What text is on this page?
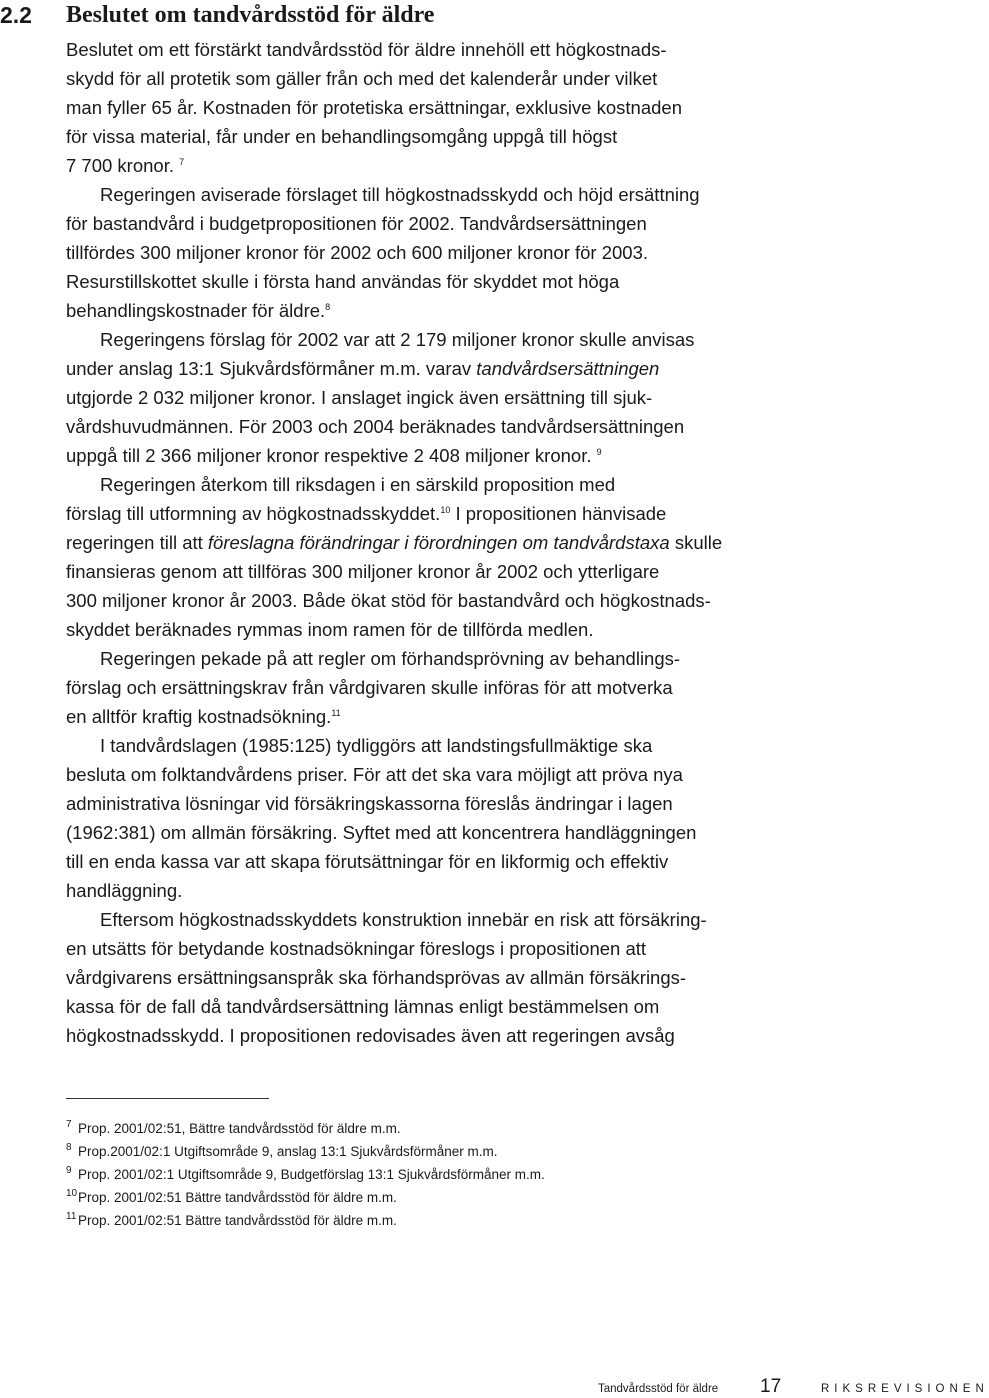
2.2 Beslutet om tandvårdsstöd för äldre
Beslutet om ett förstärkt tandvårdsstöd för äldre innehöll ett högkostnads-
skydd för all protetik som gäller från och med det kalenderår under vilket
man fyller 65 år. Kostnaden för protetiska ersättningar, exklusive kostnaden
för vissa material, får under en behandlingsomgång uppgå till högst
7 700 kronor. $^7$
Regeringen aviserade förslaget till högkostnadsskydd och höjd ersättning
för bastandvård i budgetpropositionen för 2002. Tandvårdsersättningen
tillfördes 300 miljoner kronor för 2002 och 600 miljoner kronor för 2003.
Resurstillskottet skulle i första hand användas för skyddet mot höga
behandlingskostnader för äldre.$^8$
Regeringens förslag för 2002 var att 2 179 miljoner kronor skulle anvisas
under anslag 13:1 Sjukvårdsförmåner m.m. varav tandvårdsersättningen
utgjorde 2 032 miljoner kronor. I anslaget ingick även ersättning till sjuk-
vårdshuvudmännen. För 2003 och 2004 beräknades tandvårdsersättningen
uppgå till 2 366 miljoner kronor respektive 2 408 miljoner kronor. $^9$
Regeringen återkom till riksdagen i en särskild proposition med
förslag till utformning av högkostnadsskyddet.$^{10}$ I propositionen hänvisade
regeringen till att föreslagna förändringar i förordningen om tandvårdstaxa skulle
finansieras genom att tillföras 300 miljoner kronor år 2002 och ytterligare
300 miljoner kronor år 2003. Både ökat stöd för bastandvård och högkostnads-
skyddet beräknades rymmas inom ramen för de tillförda medlen.
Regeringen pekade på att regler om förhandsprövning av behandlings-
förslag och ersättningskrav från vårdgivaren skulle införas för att motverka
en alltför kraftig kostnadsökning.$^{11}$
I tandvårdslagen (1985:125) tydliggörs att landstingsfullmäktige ska
besluta om folktandvårdens priser. För att det ska vara möjligt att pröva nya
administrativa lösningar vid försäkringskassorna föreslås ändringar i lagen
(1962:381) om allmän försäkring. Syftet med att koncentrera handläggningen
till en enda kassa var att skapa förutsättningar för en likformig och effektiv
handläggning.
Eftersom högkostnadsskyddets konstruktion innebär en risk att försäkring-
en utsätts för betydande kostnadsökningar föreslogs i propositionen att
vårdgivarens ersättningsanspråk ska förhandsprövas av allmän försäkrings-
kassa för de fall då tandvårdsersättning lämnas enligt bestämmelsen om
högkostnadsskydd. I propositionen redovisades även att regeringen avsåg
7 Prop. 2001/02:51, Bättre tandvårdsstöd för äldre m.m.
8 Prop.2001/02:1 Utgiftsområde 9, anslag 13:1 Sjukvårdsförmåner m.m.
9 Prop. 2001/02:1 Utgiftsområde 9, Budgetförslag 13:1 Sjukvårdsförmåner m.m.
10 Prop. 2001/02:51 Bättre tandvårdsstöd för äldre m.m.
11 Prop. 2001/02:51 Bättre tandvårdsstöd för äldre m.m.
Tandvårdsstöd för äldre 17	RIKSREVISIONEN
